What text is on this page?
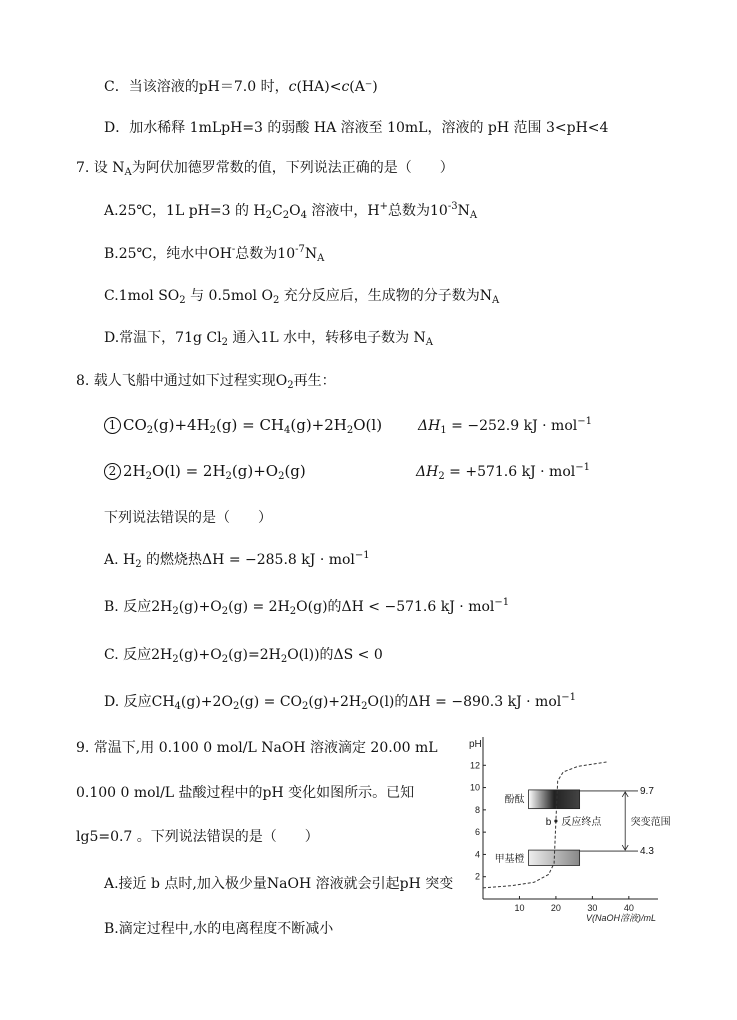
C．当该溶液的pH＝7.0 时，c(HA)<c(A⁻)
D．加水稀释 1mLpH=3 的弱酸 HA 溶液至 10mL，溶液的 pH 范围 3<pH<4
7. 设 $N_A$为阿伏加德罗常数的值，下列说法正确的是（　　）
A.25℃，1L pH=3 的 $H_2C_2O_4$ 溶液中，H+总数为$10^{-3}N_A$
B.25℃，纯水中OH-总数为$10^{-7}N_A$
C.1mol $SO_2$ 与 0.5mol $O_2$ 充分反应后，生成物的分子数为$N_A$
D.常温下，71g $Cl_2$ 通入1L 水中，转移电子数为 $N_A$
8. 载人飞船中通过如下过程实现$O_2$再生：
1 $CO_2(g)+4H_2(g) = CH_4(g)+2H_2O(l)$	$\Delta H_1 = -252.9$ kJ · mol$^{-1}$
2 $2H_2O(l) = 2H_2(g)+O_2(g)$	$\Delta H_2 = +571.6$ kJ · mol$^{-1}$
下列说法错误的是（　　）
A. $H_2$ 的燃烧热ΔH = −285.8 kJ · mol$^{-1}$
B. 反应$2H_2(g)+O_2(g) = 2H_2O(g)$的ΔH < −571.6 kJ · mol$^{-1}$
C. 反应$2H_2(g)+O_2(g)=2H_2O(l)$)的ΔS < 0
D. 反应$CH_4(g)+2O_2(g) = CO_2(g)+2H_2O(l)$的ΔH = −890.3 kJ · mol$^{-1}$
9. 常温下,用 0.100 0 mol/L NaOH 溶液滴定 20.00 mL
0.100 0 mol/L 盐酸过程中的pH 变化如图所示。已知
lg5=0.7 。下列说法错误的是（　　）
A.接近 b 点时,加入极少量NaOH 溶液就会引起pH 突变
B.滴定过程中,水的电离程度不断减小
10	20	30	40
2
4
6
8
10
12
pH
V(NaOH溶液)/mL
酚酞
甲基橙
b 反应终点	突变范围
9.7
4.3
